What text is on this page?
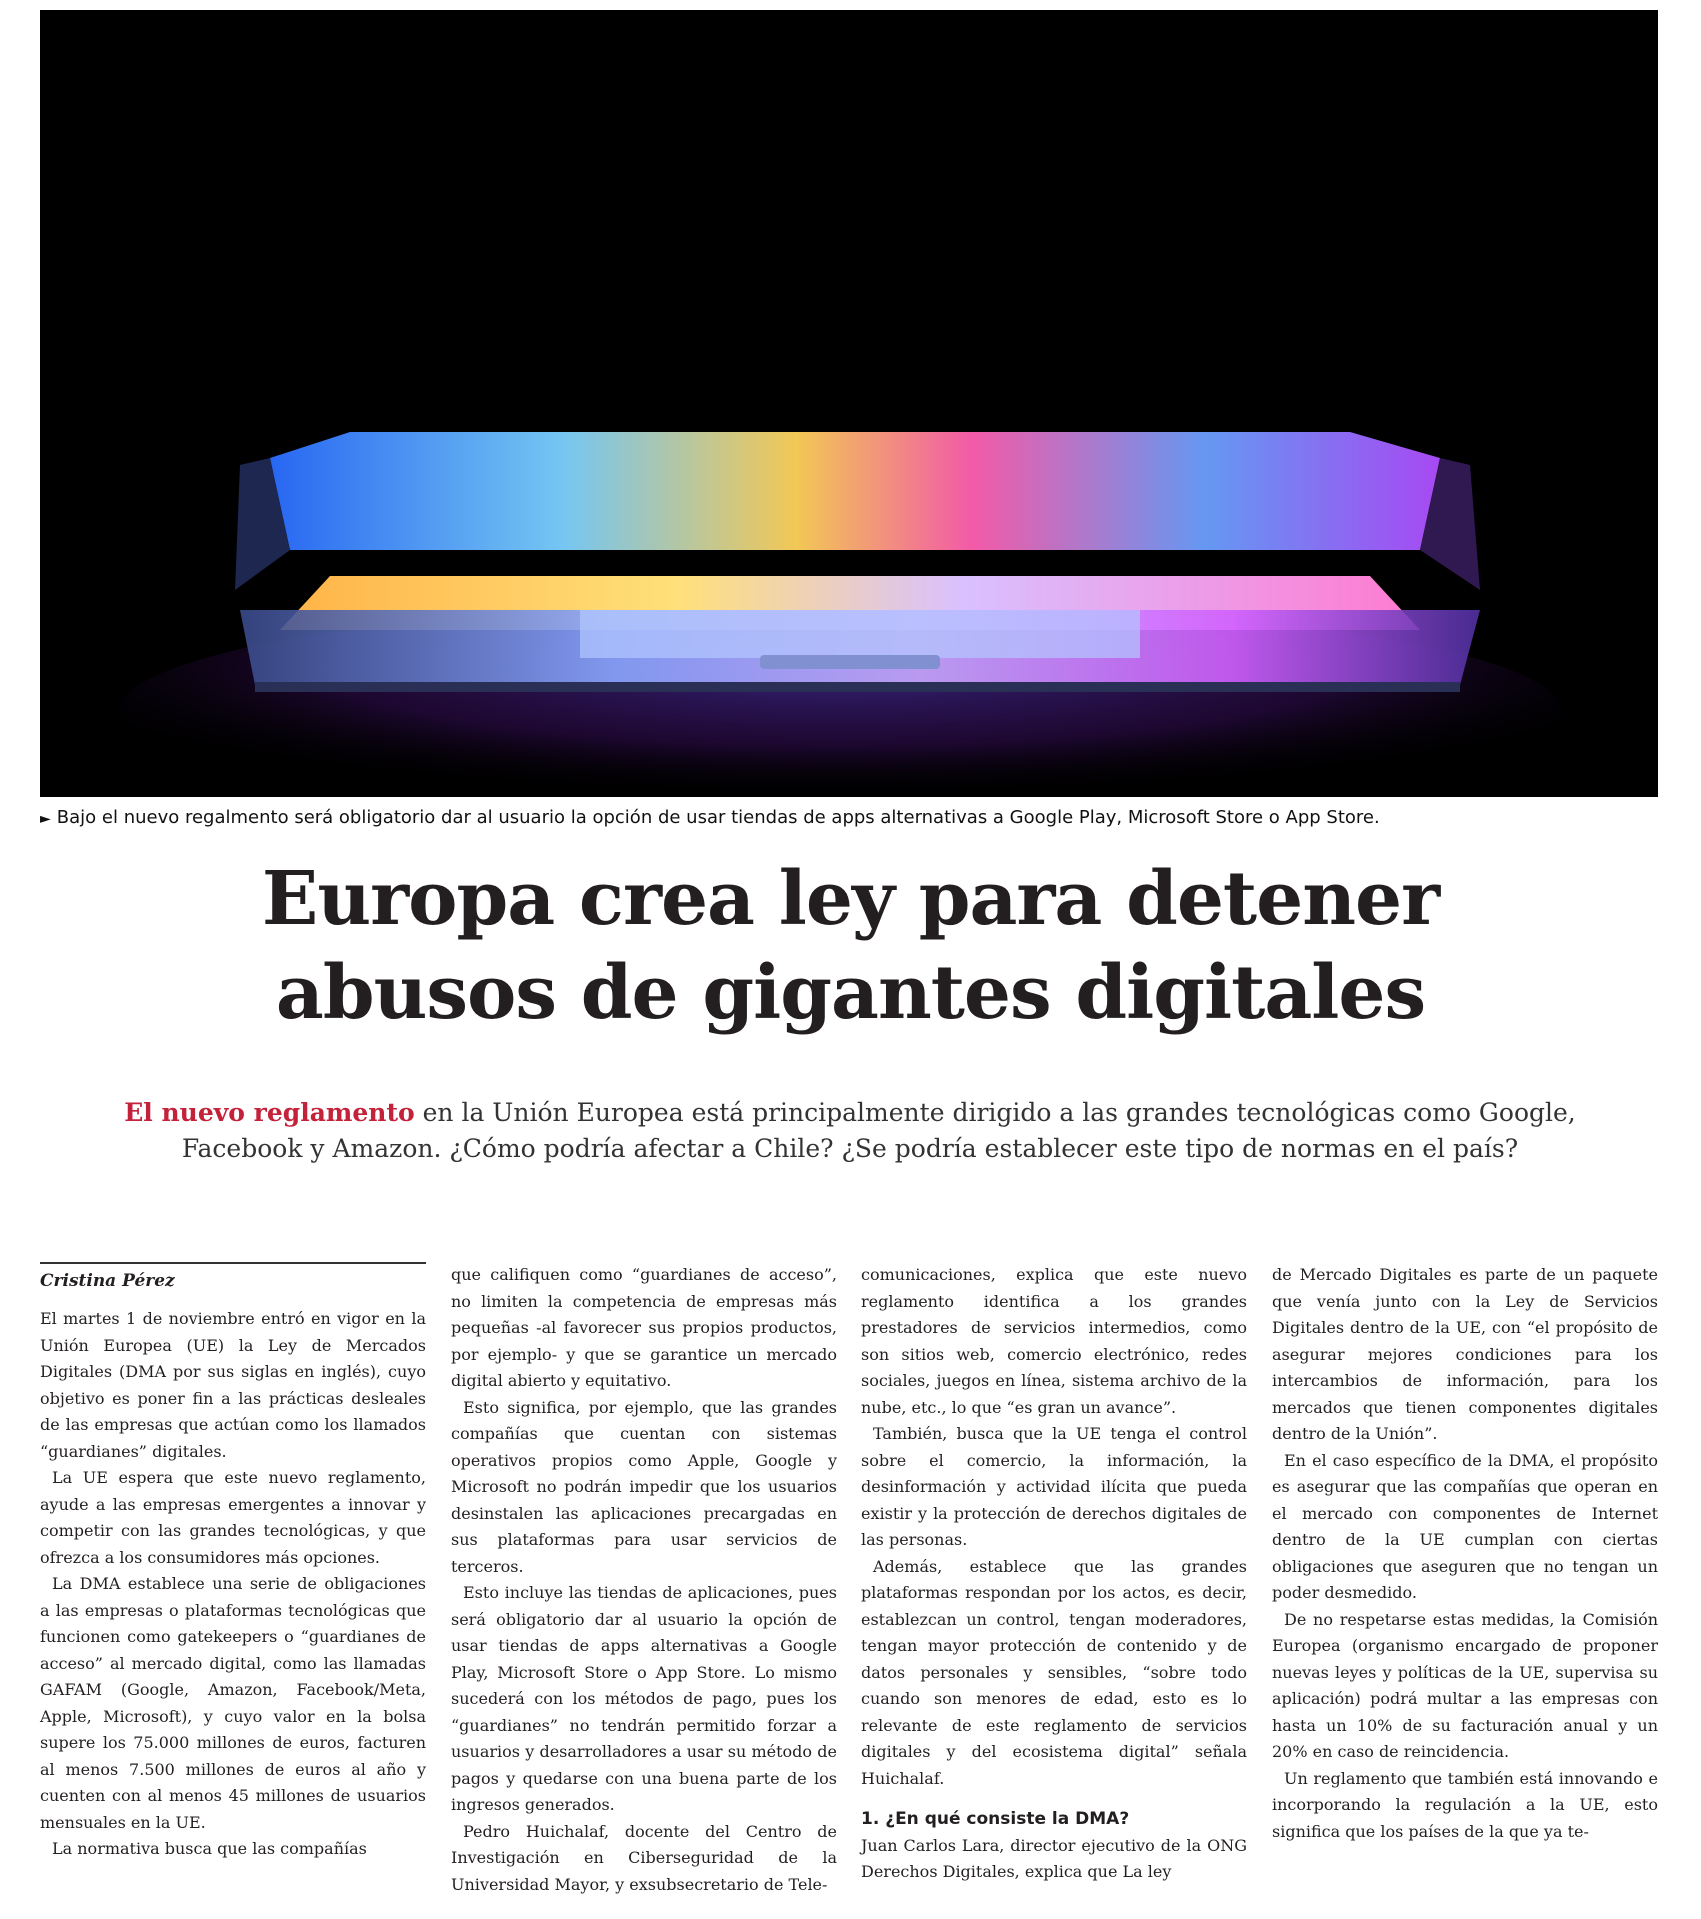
► Bajo el nuevo regalmento será obligatorio dar al usuario la opción de usar tiendas de apps alternativas a Google Play, Microsoft Store o App Store.
Europa crea ley para detener
abusos de gigantes digitales

El nuevo reglamento en la Unión Europea está principalmente dirigido a las grandes tecnológicas como Google,
Facebook y Amazon. ¿Cómo podría afectar a Chile? ¿Se podría establecer este tipo de normas en el país?

Cristina Pérez

El martes 1 de noviembre entró en vigor en la Unión Europea (UE) la Ley de Mercados Digitales (DMA por sus siglas en inglés), cuyo objetivo es poner fin a las prácticas desleales de las empresas que actúan como los llamados “guardianes” digitales.

La UE espera que este nuevo reglamento, ayude a las empresas emergentes a innovar y competir con las grandes tecnológicas, y que ofrezca a los consumidores más opciones.

La DMA establece una serie de obligaciones a las empresas o plataformas tecnológicas que funcionen como gatekeepers o “guardianes de acceso” al mercado digital, como las llamadas GAFAM (Google, Amazon, Facebook/Meta, Apple, Microsoft), y cuyo valor en la bolsa supere los 75.000 millones de euros, facturen al menos 7.500 millones de euros al año y cuenten con al menos 45 millones de usuarios mensuales en la UE.

La normativa busca que las compañías

que califiquen como “guardianes de acceso”, no limiten la competencia de empresas más pequeñas -al favorecer sus propios productos, por ejemplo- y que se garantice un mercado digital abierto y equitativo.

Esto significa, por ejemplo, que las grandes compañías que cuentan con sistemas operativos propios como Apple, Google y Microsoft no podrán impedir que los usuarios desinstalen las aplicaciones precargadas en sus plataformas para usar servicios de terceros.

Esto incluye las tiendas de aplicaciones, pues será obligatorio dar al usuario la opción de usar tiendas de apps alternativas a Google Play, Microsoft Store o App Store. Lo mismo sucederá con los métodos de pago, pues los “guardianes” no tendrán permitido forzar a usuarios y desarrolladores a usar su método de pagos y quedarse con una buena parte de los ingresos generados.

Pedro Huichalaf, docente del Centro de Investigación en Ciberseguridad de la Universidad Mayor, y exsubsecretario de Tele-

comunicaciones, explica que este nuevo reglamento identifica a los grandes prestadores de servicios intermedios, como son sitios web, comercio electrónico, redes sociales, juegos en línea, sistema archivo de la nube, etc., lo que “es gran un avance”.

También, busca que la UE tenga el control sobre el comercio, la información, la desinformación y actividad ilícita que pueda existir y la protección de derechos digitales de las personas.

Además, establece que las grandes plataformas respondan por los actos, es decir, establezcan un control, tengan moderadores, tengan mayor protección de contenido y de datos personales y sensibles, “sobre todo cuando son menores de edad, esto es lo relevante de este reglamento de servicios digitales y del ecosistema digital” señala Huichalaf.

1. ¿En qué consiste la DMA?

Juan Carlos Lara, director ejecutivo de la ONG Derechos Digitales, explica que La ley

de Mercado Digitales es parte de un paquete que venía junto con la Ley de Servicios Digitales dentro de la UE, con “el propósito de asegurar mejores condiciones para los intercambios de información, para los mercados que tienen componentes digitales dentro de la Unión”.

En el caso específico de la DMA, el propósito es asegurar que las compañías que operan en el mercado con componentes de Internet dentro de la UE cumplan con ciertas obligaciones que aseguren que no tengan un poder desmedido.

De no respetarse estas medidas, la Comisión Europea (organismo encargado de proponer nuevas leyes y políticas de la UE, supervisa su aplicación) podrá multar a las empresas con hasta un 10% de su facturación anual y un 20% en caso de reincidencia.

Un reglamento que también está innovando e incorporando la regulación a la UE, esto significa que los países de la que ya te-
